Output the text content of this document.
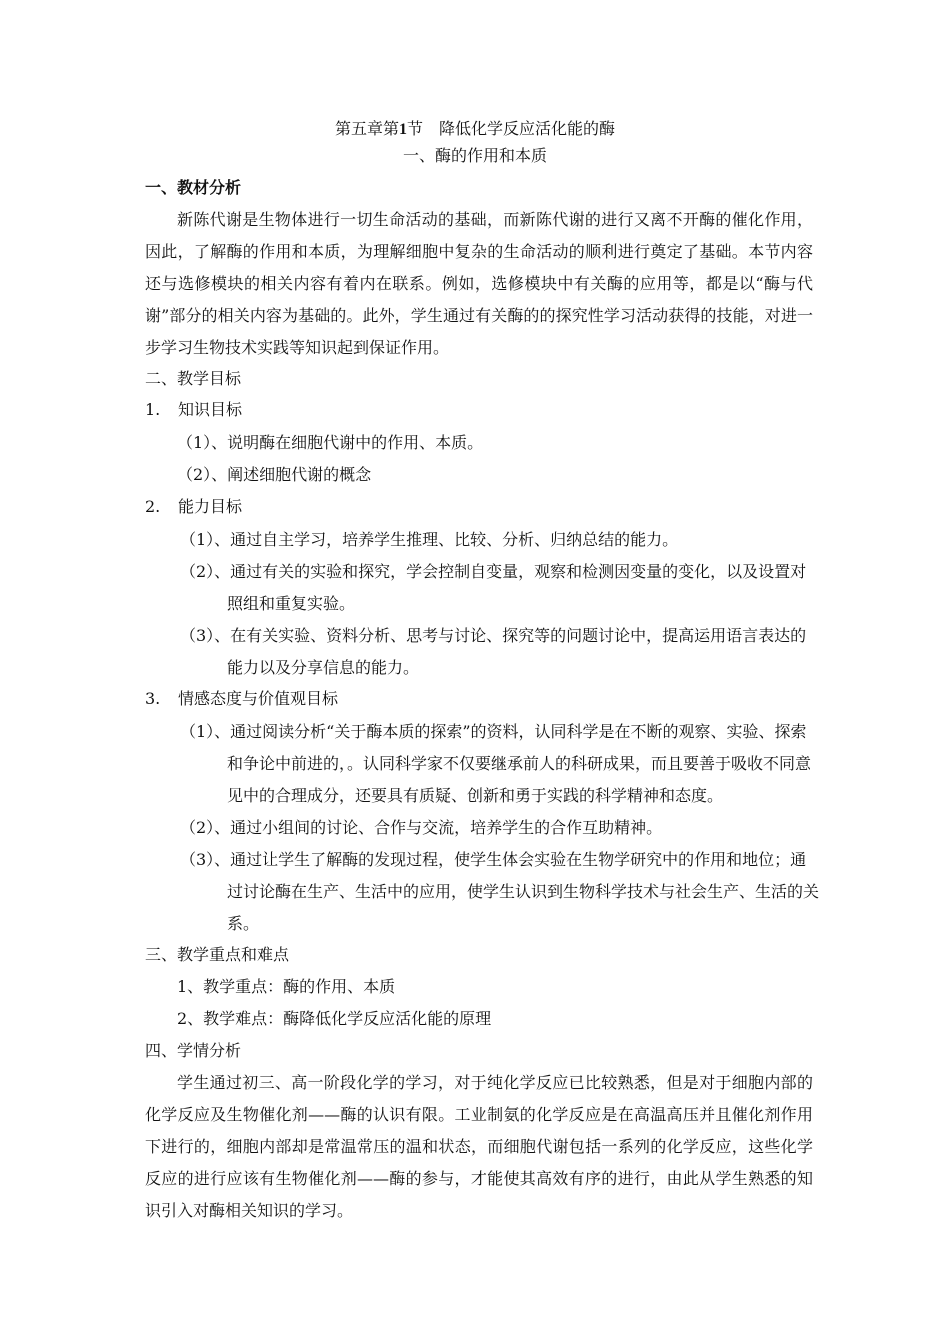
第五章第1节　降低化学反应活化能的酶
一、酶的作用和本质
一、教材分析
新陈代谢是生物体进行一切生命活动的基础，而新陈代谢的进行又离不开酶的催化作用，因此，了解酶的作用和本质，为理解细胞中复杂的生命活动的顺利进行奠定了基础。本节内容还与选修模块的相关内容有着内在联系。例如，选修模块中有关酶的应用等，都是以“酶与代谢”部分的相关内容为基础的。此外，学生通过有关酶的的探究性学习活动获得的技能，对进一步学习生物技术实践等知识起到保证作用。
二、教学目标
1. 知识目标
（1）、说明酶在细胞代谢中的作用、本质。
（2）、阐述细胞代谢的概念
2. 能力目标
（1）、通过自主学习，培养学生推理、比较、分析、归纳总结的能力。
（2）、通过有关的实验和探究，学会控制自变量，观察和检测因变量的变化，以及设置对照组和重复实验。
（3）、在有关实验、资料分析、思考与讨论、探究等的问题讨论中，提高运用语言表达的能力以及分享信息的能力。
3. 情感态度与价值观目标
（1）、通过阅读分析“关于酶本质的探索”的资料，认同科学是在不断的观察、实验、探索和争论中前进的，。认同科学家不仅要继承前人的科研成果，而且要善于吸收不同意见中的合理成分，还要具有质疑、创新和勇于实践的科学精神和态度。
（2）、通过小组间的讨论、合作与交流，培养学生的合作互助精神。
（3）、通过让学生了解酶的发现过程，使学生体会实验在生物学研究中的作用和地位；通过讨论酶在生产、生活中的应用，使学生认识到生物科学技术与社会生产、生活的关系。
三、教学重点和难点
1、教学重点：酶的作用、本质
2、教学难点：酶降低化学反应活化能的原理
四、学情分析
学生通过初三、高一阶段化学的学习，对于纯化学反应已比较熟悉，但是对于细胞内部的化学反应及生物催化剂——酶的认识有限。工业制氨的化学反应是在高温高压并且催化剂作用下进行的，细胞内部却是常温常压的温和状态，而细胞代谢包括一系列的化学反应，这些化学反应的进行应该有生物催化剂——酶的参与，才能使其高效有序的进行，由此从学生熟悉的知识引入对酶相关知识的学习。
